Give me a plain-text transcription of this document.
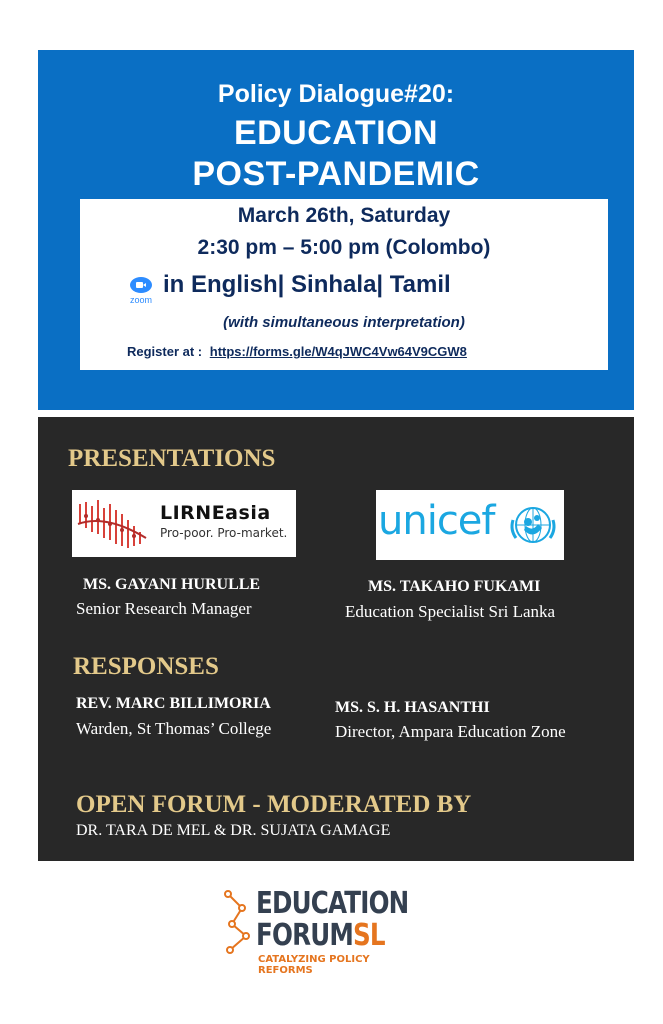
Policy Dialogue#20:
EDUCATION
POST-PANDEMIC
March 26th, Saturday
2:30 pm – 5:00 pm (Colombo)
zoom
in English| Sinhala| Tamil
(with simultaneous interpretation)
Register at : https://forms.gle/W4qJWC4Vw64V9CGW8
PRESENTATIONS
LIRNEasia
Pro-poor. Pro-market. unicef
MS. GAYANI HURULLE
Senior Research Manager
MS. TAKAHO FUKAMI
Education Specialist Sri Lanka
RESPONSES
REV. MARC BILLIMORIA
Warden, St Thomas’ College
MS. S. H. HASANTHI
Director, Ampara Education Zone
OPEN FORUM - MODERATED BY
DR. TARA DE MEL & DR. SUJATA GAMAGE
EDUCATION
FORUMSL
CATALYZING POLICY REFORMS
